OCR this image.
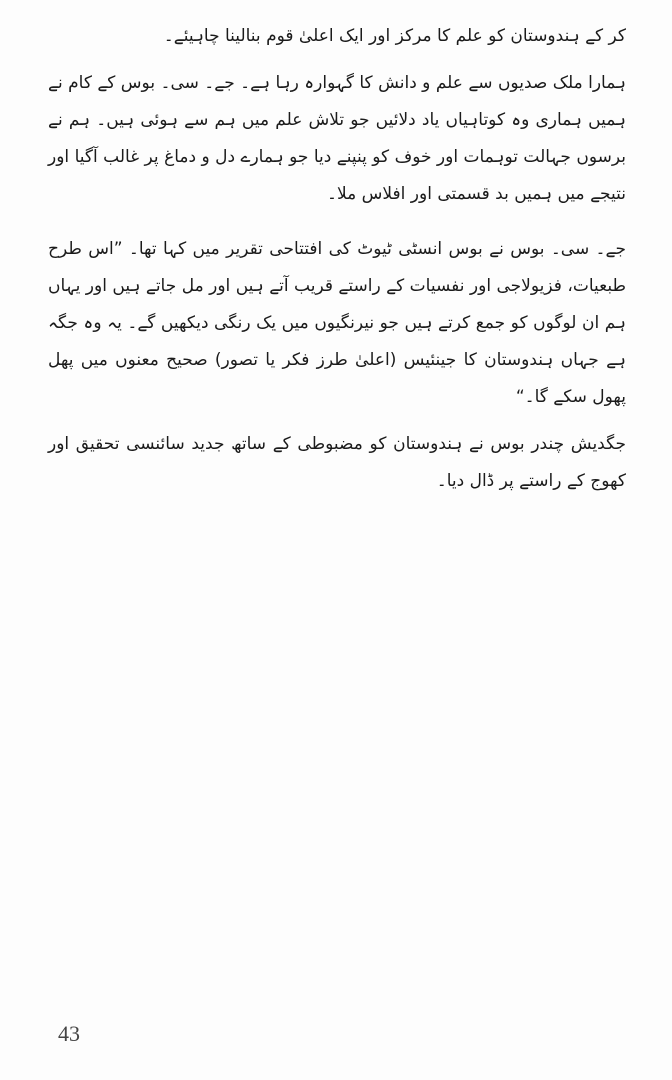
کر کے ہندوستان کو علم کا مرکز اور ایک اعلیٰ قوم بنالینا چاہیئے۔

ہمارا ملک صدیوں سے علم و دانش کا گہوارہ رہا ہے۔ جے۔ سی۔ بوس کے کام نے ہمیں ہماری وہ کوتاہیاں یاد دلائیں جو تلاش علم میں ہم سے ہوئی ہیں۔ ہم نے برسوں جہالت توہمات اور خوف کو پنپنے دیا جو ہمارے دل و دماغ پر غالب آگیا اور نتیجے میں ہمیں بد قسمتی اور افلاس ملا۔

جے۔ سی۔ بوس نے بوس انسٹی ٹیوٹ کی افتتاحی تقریر میں کہا تھا۔ ”اس طرح طبعیات، فزیولاجی اور نفسیات کے راستے قریب آتے ہیں اور مل جاتے ہیں اور یہاں ہم ان لوگوں کو جمع کرتے ہیں جو نیرنگیوں میں یک رنگی دیکھیں گے۔ یہ وہ جگہ ہے جہاں ہندوستان کا جینئیس (اعلیٰ طرز فکر یا تصور) صحیح معنوں میں پھل پھول سکے گا۔“

جگدیش چندر بوس نے ہندوستان کو مضبوطی کے ساتھ جدید سائنسی تحقیق اور کھوج کے راستے پر ڈال دیا۔

43
